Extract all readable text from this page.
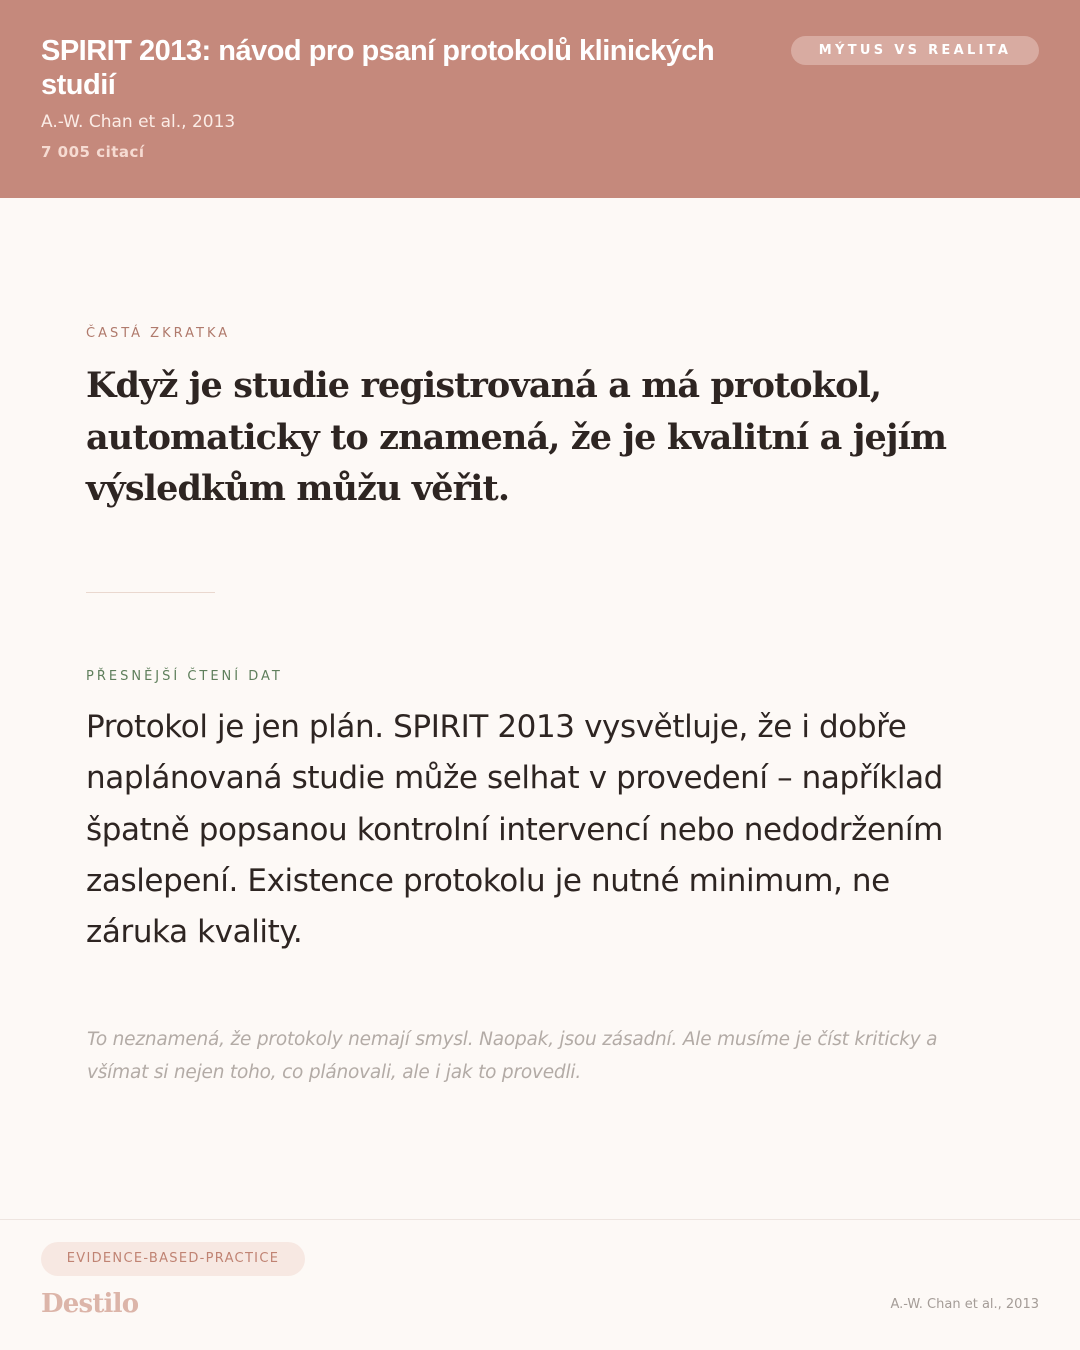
SPIRIT 2013: návod pro psaní protokolů klinických studií
A.-W. Chan et al., 2013
7 005 citací
MÝTUS VS REALITA
ČASTÁ ZKRATKA

Když je studie registrovaná a má protokol, automaticky to znamená, že je kvalitní a jejím výsledkům můžu věřit.

PŘESNĚJŠÍ ČTENÍ DAT

Protokol je jen plán. SPIRIT 2013 vysvětluje, že i dobře naplánovaná studie může selhat v provedení – například špatně popsanou kontrolní intervencí nebo nedodržením zaslepení. Existence protokolu je nutné minimum, ne záruka kvality.

To neznamená, že protokoly nemají smysl. Naopak, jsou zásadní. Ale musíme je číst kriticky a všímat si nejen toho, co plánovali, ale i jak to provedli.

EVIDENCE-BASED-PRACTICE
Destilo	A.-W. Chan et al., 2013
